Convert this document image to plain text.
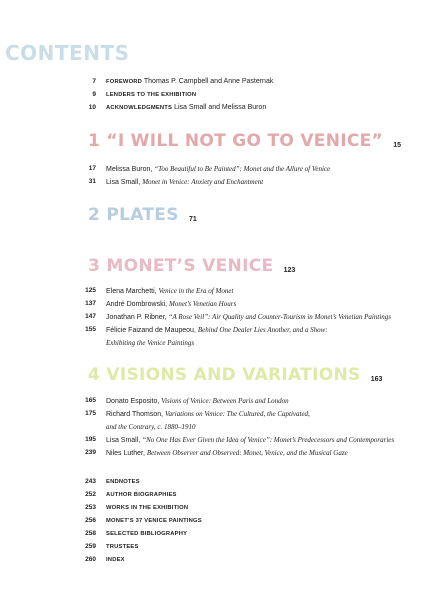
CONTENTS
7 FOREWORD Thomas P. Campbell and Anne Pasternak
9 LENDERS TO THE EXHIBITION
10 ACKNOWLEDGMENTS Lisa Small and Melissa Buron
1 “I WILL NOT GO TO VENICE” 15
17 Melissa Buron, “Too Beautiful to Be Painted”: Monet and the Allure of Venice
31 Lisa Small, Monet in Venice: Anxiety and Enchantment
2 PLATES 71
3 MONET’S VENICE 123
125 Elena Marchetti, Venice in the Era of Monet
137 André Dombrowski, Monet’s Venetian Hours
147 Jonathan P. Ribner, “A Rose Veil”: Air Quality and Counter-Tourism in Monet’s Venetian Paintings
155 Félicie Faizand de Maupeou, Behind One Dealer Lies Another, and a Show:
Exhibiting the Venice Paintings
4 VISIONS AND VARIATIONS 163
165 Donato Esposito, Visions of Venice: Between Paris and London
175 Richard Thomson, Variations on Venice: The Cultured, the Captivated,
and the Contrary, c. 1880–1910
195 Lisa Small, “No One Has Ever Given the Idea of Venice”: Monet’s Predecessors and Contemporaries
239 Niles Luther, Between Observer and Observed: Monet, Venice, and the Musical Gaze
243 ENDNOTES
252 AUTHOR BIOGRAPHIES
253 WORKS IN THE EXHIBITION
256 MONET’S 37 VENICE PAINTINGS
258 SELECTED BIBLIOGRAPHY
259 TRUSTEES
260 INDEX
